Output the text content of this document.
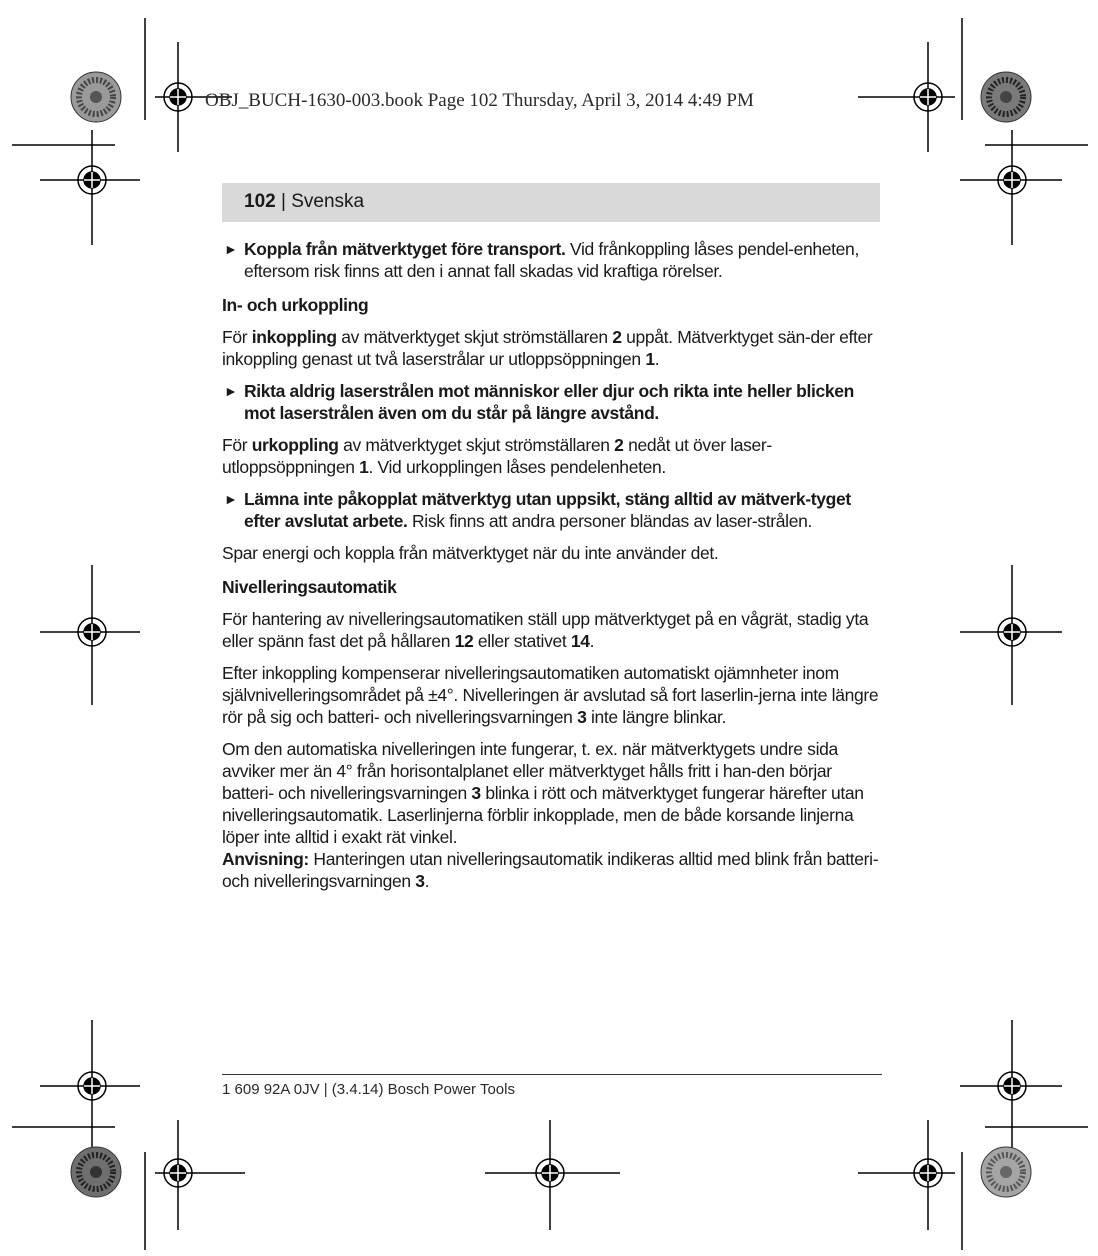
OBJ_BUCH-1630-003.book Page 102 Thursday, April 3, 2014 4:49 PM

102 | Svenska

► Koppla från mätverktyget före transport. Vid frånkoppling låses pendel-enheten, eftersom risk finns att den i annat fall skadas vid kraftiga rörelser.

In- och urkoppling

För inkoppling av mätverktyget skjut strömställaren 2 uppåt. Mätverktyget sän-der efter inkoppling genast ut två laserstrålar ur utloppsöppningen 1.

► Rikta aldrig laserstrålen mot människor eller djur och rikta inte heller blicken mot laserstrålen även om du står på längre avstånd.

För urkoppling av mätverktyget skjut strömställaren 2 nedåt ut över laser-utloppsöppningen 1. Vid urkopplingen låses pendelenheten.

► Lämna inte påkopplat mätverktyg utan uppsikt, stäng alltid av mätverk-tyget efter avslutat arbete. Risk finns att andra personer bländas av laser-strålen.

Spar energi och koppla från mätverktyget när du inte använder det.

Nivelleringsautomatik

För hantering av nivelleringsautomatiken ställ upp mätverktyget på en vågrät, stadig yta eller spänn fast det på hållaren 12 eller stativet 14.

Efter inkoppling kompenserar nivelleringsautomatiken automatiskt ojämnheter inom självnivelleringsområdet på ±4°. Nivelleringen är avslutad så fort laserlin-jerna inte längre rör på sig och batteri- och nivelleringsvarningen 3 inte längre blinkar.

Om den automatiska nivelleringen inte fungerar, t. ex. när mätverktygets undre sida avviker mer än 4° från horisontalplanet eller mätverktyget hålls fritt i han-den börjar batteri- och nivelleringsvarningen 3 blinka i rött och mätverktyget fungerar härefter utan nivelleringsautomatik. Laserlinjerna förblir inkopplade, men de både korsande linjerna löper inte alltid i exakt rät vinkel.

Anvisning: Hanteringen utan nivelleringsautomatik indikeras alltid med blink från batteri- och nivelleringsvarningen 3.

1 609 92A 0JV | (3.4.14) Bosch Power Tools
